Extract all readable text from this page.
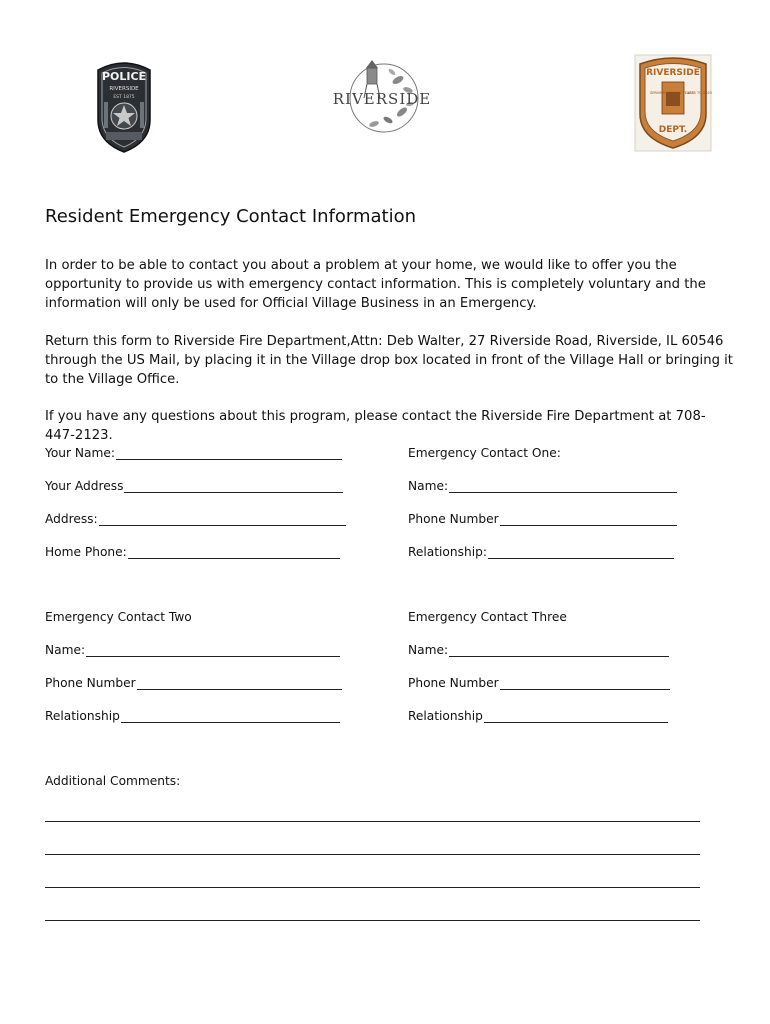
POLICE
RIVERSIDE
EST 1875	RIVERSIDE
RIVERSIDE
SERVING FOR 150 YEARS
1875 TO 2025
DEPT.
Resident Emergency Contact Information
In order to be able to contact you about a problem at your home, we would like to offer you the opportunity to provide us with emergency contact information. This is completely voluntary and the information will only be used for Official Village Business in an Emergency.
Return this form to Riverside Fire Department,Attn: Deb Walter, 27 Riverside Road, Riverside, IL 60546 through the US Mail, by placing it in the Village drop box located in front of the Village Hall or bringing it to the Village Office.
If you have any questions about this program, please contact the Riverside Fire Department at 708-447-2123.
Your Name:
Your Address
Address:
Home Phone:
Emergency Contact One:
Name:
Phone Number
Relationship:
Emergency Contact Two
Name:
Phone Number
Relationship
Emergency Contact Three
Name:
Phone Number
Relationship
Additional Comments:
